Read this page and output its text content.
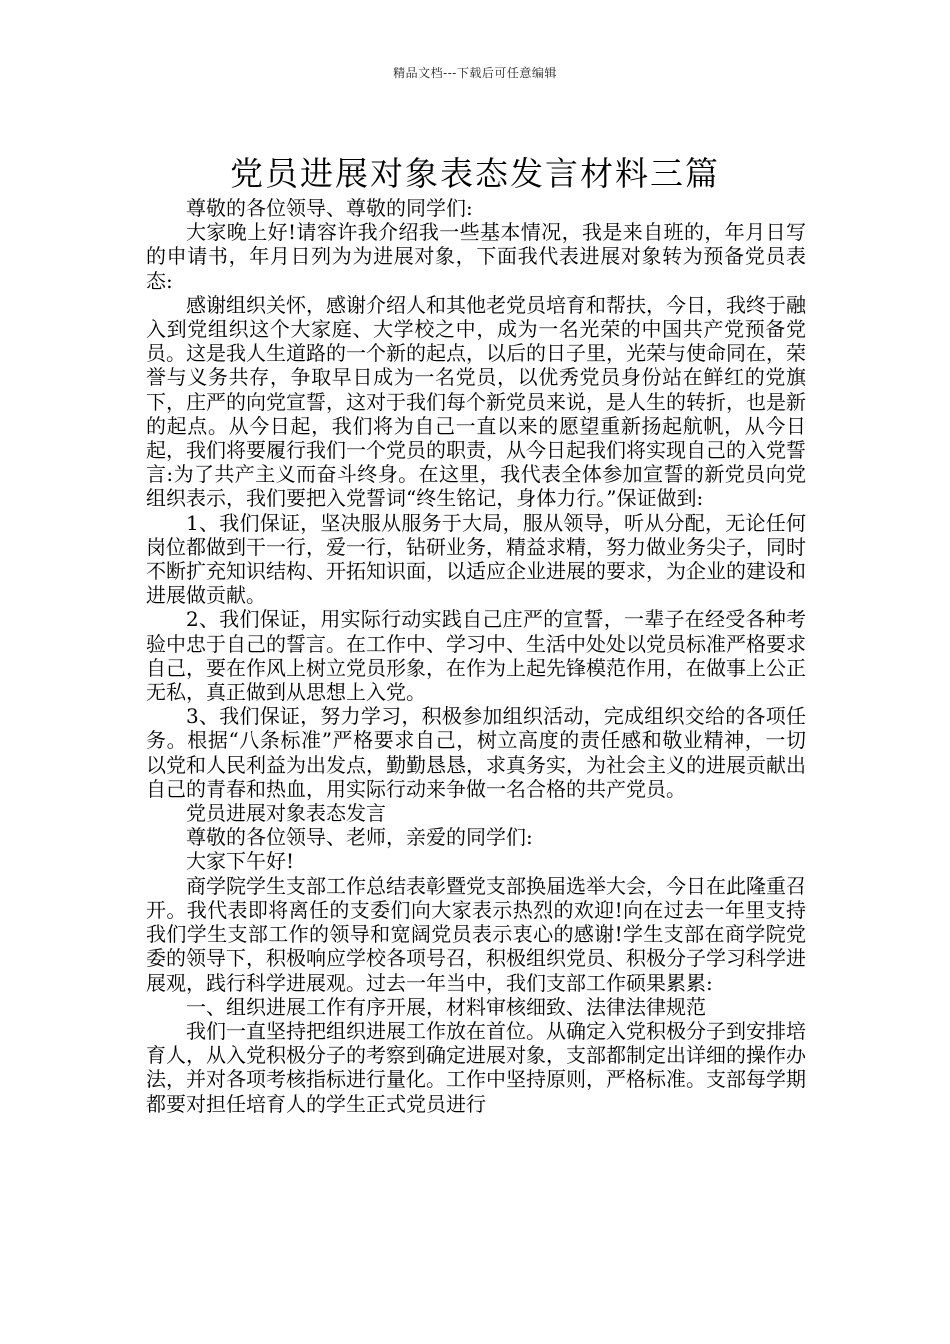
精品文档---下载后可任意编辑
党员进展对象表态发言材料三篇

尊敬的各位领导、尊敬的同学们:

大家晚上好!请容许我介绍我一些基本情况，我是来自班的，年月日写的申请书，年月日列为为进展对象，下面我代表进展对象转为预备党员表态:

感谢组织关怀，感谢介绍人和其他老党员培育和帮扶，今日，我终于融入到党组织这个大家庭、大学校之中，成为一名光荣的中国共产党预备党员。这是我人生道路的一个新的起点，以后的日子里，光荣与使命同在，荣誉与义务共存，争取早日成为一名党员，以优秀党员身份站在鲜红的党旗下，庄严的向党宣誓，这对于我们每个新党员来说，是人生的转折，也是新的起点。从今日起，我们将为自己一直以来的愿望重新扬起航帆，从今日起，我们将要履行我们一个党员的职责，从今日起我们将实现自己的入党誓言:为了共产主义而奋斗终身。在这里，我代表全体参加宣誓的新党员向党组织表示，我们要把入党誓词“终生铭记，身体力行。”保证做到:

1、我们保证，坚决服从服务于大局，服从领导，听从分配，无论任何岗位都做到干一行，爱一行，钻研业务，精益求精，努力做业务尖子，同时不断扩充知识结构、开拓知识面，以适应企业进展的要求，为企业的建设和进展做贡献。

2、我们保证，用实际行动实践自己庄严的宣誓，一辈子在经受各种考验中忠于自己的誓言。在工作中、学习中、生活中处处以党员标准严格要求自己，要在作风上树立党员形象，在作为上起先锋模范作用，在做事上公正无私，真正做到从思想上入党。

3、我们保证，努力学习，积极参加组织活动，完成组织交给的各项任务。根据“八条标准”严格要求自己，树立高度的责任感和敬业精神，一切以党和人民利益为出发点，勤勤恳恳，求真务实，为社会主义的进展贡献出自己的青春和热血，用实际行动来争做一名合格的共产党员。

党员进展对象表态发言

尊敬的各位领导、老师，亲爱的同学们:

大家下午好!

商学院学生支部工作总结表彰暨党支部换届选举大会，今日在此隆重召开。我代表即将离任的支委们向大家表示热烈的欢迎!向在过去一年里支持我们学生支部工作的领导和宽阔党员表示衷心的感谢!学生支部在商学院党委的领导下，积极响应学校各项号召，积极组织党员、积极分子学习科学进展观，践行科学进展观。过去一年当中，我们支部工作硕果累累:

一、组织进展工作有序开展，材料审核细致、法律法律规范

我们一直坚持把组织进展工作放在首位。从确定入党积极分子到安排培育人，从入党积极分子的考察到确定进展对象，支部都制定出详细的操作办法，并对各项考核指标进行量化。工作中坚持原则，严格标准。支部每学期都要对担任培育人的学生正式党员进行
